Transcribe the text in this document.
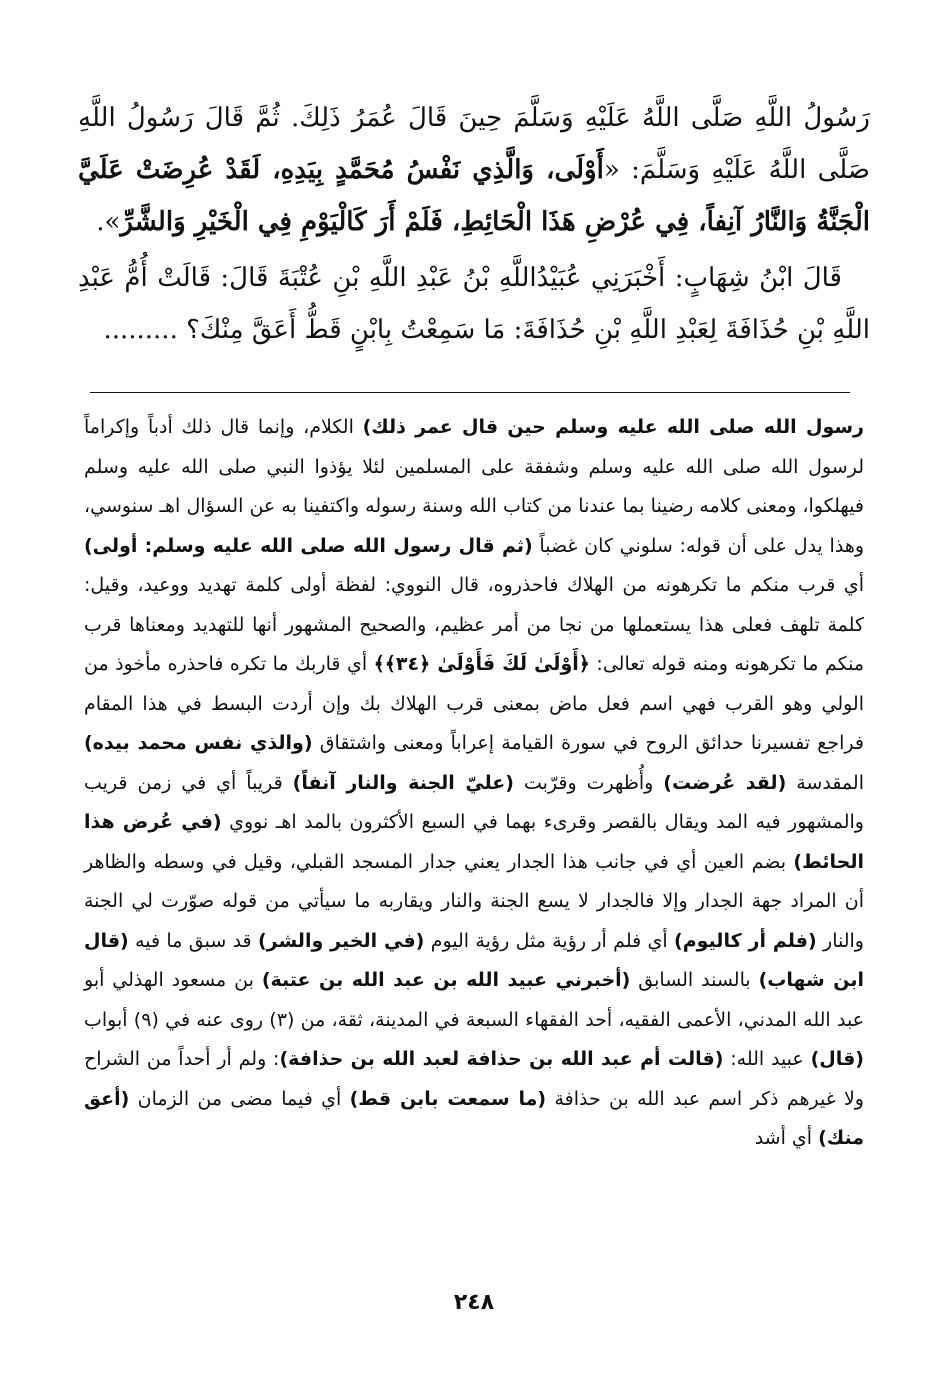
رَسُولُ اللَّهِ صَلَّى اللَّهُ عَلَيْهِ وَسَلَّمَ حِينَ قَالَ عُمَرُ ذَلِكَ. ثُمَّ قَالَ رَسُولُ اللَّهِ صَلَّى اللَّهُ عَلَيْهِ وَسَلَّمَ: «أَوْلَى، وَالَّذِي نَفْسُ مُحَمَّدٍ بِيَدِهِ، لَقَدْ عُرِضَتْ عَلَيَّ الْجَنَّةُ وَالنَّارُ آنِفاً، فِي عُرْضِ هَذَا الْحَائِطِ، فَلَمْ أَرَ كَالْيَوْمِ فِي الْخَيْرِ وَالشَّرِّ».

قَالَ ابْنُ شِهَابٍ: أَخْبَرَنِي عُبَيْدُاللَّهِ بْنُ عَبْدِ اللَّهِ بْنِ عُتْبَةَ قَالَ: قَالَتْ أُمُّ عَبْدِ اللَّهِ بْنِ حُذَافَةَ لِعَبْدِ اللَّهِ بْنِ حُذَافَةَ: مَا سَمِعْتُ بِابْنٍ قَطُّ أَعَقَّ مِنْكَ؟ .........

رسول الله صلى الله عليه وسلم حين قال عمر ذلك) الكلام، وإنما قال ذلك أدباً وإكراماً لرسول الله صلى الله عليه وسلم وشفقة على المسلمين لئلا يؤذوا النبي صلى الله عليه وسلم فيهلكوا، ومعنى كلامه رضينا بما عندنا من كتاب الله وسنة رسوله واكتفينا به عن السؤال اهـ سنوسي، وهذا يدل على أن قوله: سلوني كان غضباً (ثم قال رسول الله صلى الله عليه وسلم: أولى) أي قرب منكم ما تكرهونه من الهلاك فاحذروه، قال النووي: لفظة أولى كلمة تهديد ووعيد، وقيل: كلمة تلهف فعلى هذا يستعملها من نجا من أمر عظيم، والصحيح المشهور أنها للتهديد ومعناها قرب منكم ما تكرهونه ومنه قوله تعالى: ﴿أَوْلَىٰ لَكَ فَأَوْلَىٰ ﴿٣٤﴾﴾ أي قاربك ما تكره فاحذره مأخوذ من الولي وهو القرب فهي اسم فعل ماض بمعنى قرب الهلاك بك وإن أردت البسط في هذا المقام فراجع تفسيرنا حدائق الروح في سورة القيامة إعراباً ومعنى واشتقاق (والذي نفس محمد بيده) المقدسة (لقد عُرضت) وأُظهرت وقرّبت (عليّ الجنة والنار آنفاً) قريباً أي في زمن قريب والمشهور فيه المد ويقال بالقصر وقرىء بهما في السبع الأكثرون بالمد اهـ نووي (في عُرض هذا الحائط) بضم العين أي في جانب هذا الجدار يعني جدار المسجد القبلي، وقيل في وسطه والظاهر أن المراد جهة الجدار وإلا فالجدار لا يسع الجنة والنار ويقاربه ما سيأتي من قوله صوّرت لي الجنة والنار (فلم أر كاليوم) أي فلم أر رؤية مثل رؤية اليوم (في الخير والشر) قد سبق ما فيه (قال ابن شهاب) بالسند السابق (أخبرني عبيد الله بن عبد الله بن عتبة) بن مسعود الهذلي أبو عبد الله المدني، الأعمى الفقيه، أحد الفقهاء السبعة في المدينة، ثقة، من (٣) روى عنه في (٩) أبواب (قال) عبيد الله: (قالت أم عبد الله بن حذافة لعبد الله بن حذافة): ولم أر أحداً من الشراح ولا غيرهم ذكر اسم عبد الله بن حذافة (ما سمعت بابن قط) أي فيما مضى من الزمان (أعق منك) أي أشد

٢٤٨
